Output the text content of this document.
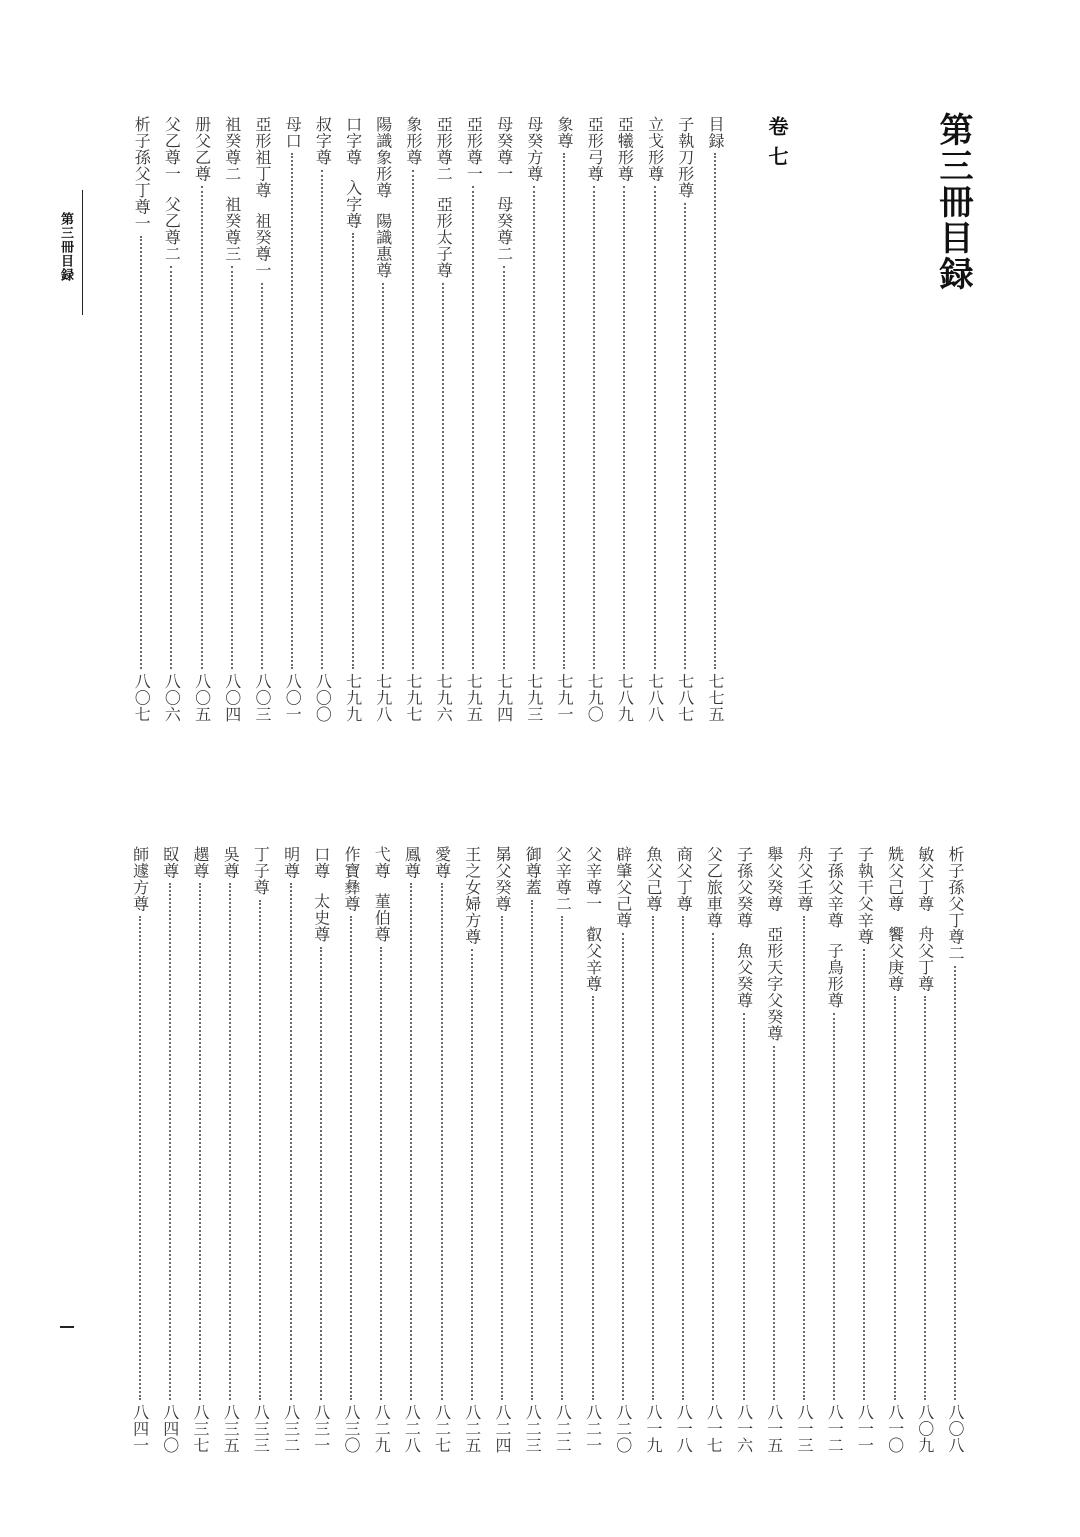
第三冊目録
卷七
第三冊目録
目録
七七五
子執刀形尊
七八七
立戈形尊
七八八
亞犧形尊
七八九
亞形弓尊
七九〇
象尊
七九一
母癸方尊
七九三
母癸尊一母癸尊二
七九四
亞形尊一
七九五
亞形尊二亞形太子尊
七九六
象形尊
七九七
陽識象形尊陽識惠尊
七九八
口字尊入字尊
七九九
叔字尊
八〇〇
母口
八〇一
亞形祖丁尊祖癸尊一
八〇三
祖癸尊二祖癸尊三
八〇四
册父乙尊
八〇五
父乙尊一父乙尊二
八〇六
析子孫父丁尊一
八〇七
析子孫父丁尊二
八〇八
敏父丁尊舟父丁尊
八〇九
兟父己尊饗父庚尊
八一〇
子執干父辛尊
八一一
子孫父辛尊子鳥形尊
八一二
舟父壬尊
八一三
舉父癸尊亞形天字父癸尊
八一五
子孫父癸尊魚父癸尊
八一六
父乙旅車尊
八一七
商父丁尊
八一八
魚父己尊
八一九
辟肇父己尊
八二〇
父辛尊一叡父辛尊
八二一
父辛尊二
八二二
御尊蓋
八二三
晜父癸尊
八二四
王之女婦方尊
八二五
愛尊
八二七
鳳尊
八二八
弋尊菫伯尊
八二九
作寶彝尊
八三〇
口尊太史尊
八三一
明尊
八三二
丁子尊
八三三
吳尊
八三五
趩尊
八三七
臤尊
八四〇
師遽方尊
八四一
